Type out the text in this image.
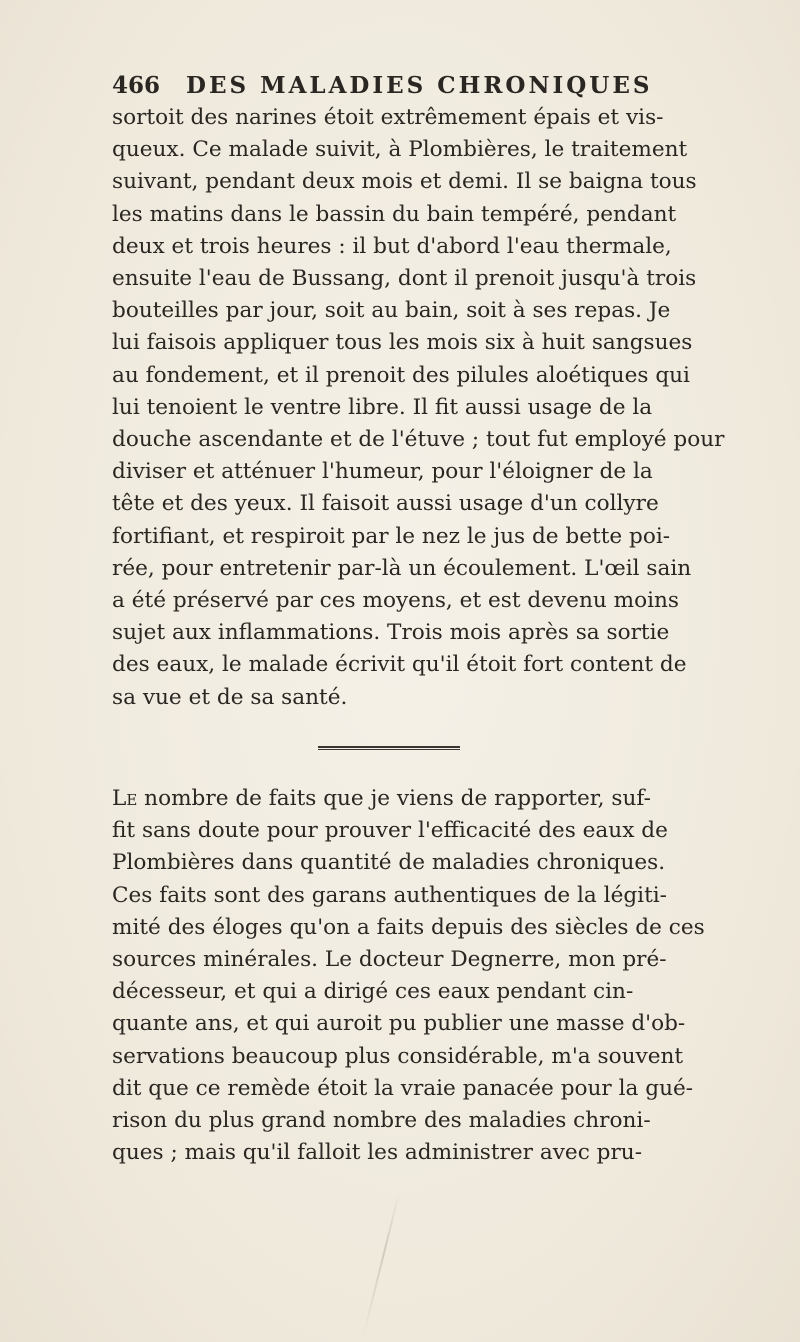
466 DES MALADIES CHRONIQUES
sortoit des narines étoit extrêmement épais et vis-
queux. Ce malade suivit, à Plombières, le traitement
suivant, pendant deux mois et demi. Il se baigna tous
les matins dans le bassin du bain tempéré, pendant
deux et trois heures : il but d'abord l'eau thermale,
ensuite l'eau de Bussang, dont il prenoit jusqu'à trois
bouteilles par jour, soit au bain, soit à ses repas. Je
lui faisois appliquer tous les mois six à huit sangsues
au fondement, et il prenoit des pilules aloétiques qui
lui tenoient le ventre libre. Il fit aussi usage de la
douche ascendante et de l'étuve ; tout fut employé pour
diviser et atténuer l'humeur, pour l'éloigner de la
tête et des yeux. Il faisoit aussi usage d'un collyre
fortifiant, et respiroit par le nez le jus de bette poi-
rée, pour entretenir par-là un écoulement. L'œil sain
a été préservé par ces moyens, et est devenu moins
sujet aux inflammations. Trois mois après sa sortie
des eaux, le malade écrivit qu'il étoit fort content de
sa vue et de sa santé.
Le nombre de faits que je viens de rapporter, suf-
fit sans doute pour prouver l'efficacité des eaux de
Plombières dans quantité de maladies chroniques.
Ces faits sont des garans authentiques de la légiti-
mité des éloges qu'on a faits depuis des siècles de ces
sources minérales. Le docteur Degnerre, mon pré-
décesseur, et qui a dirigé ces eaux pendant cin-
quante ans, et qui auroit pu publier une masse d'ob-
servations beaucoup plus considérable, m'a souvent
dit que ce remède étoit la vraie panacée pour la gué-
rison du plus grand nombre des maladies chroni-
ques ; mais qu'il falloit les administrer avec pru-
